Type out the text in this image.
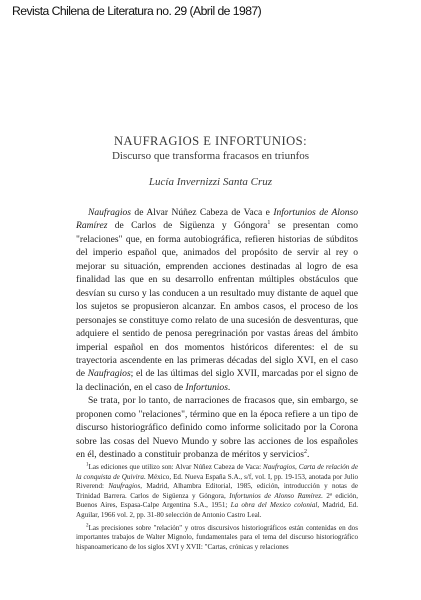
Revista Chilena de Literatura no. 29 (Abril de 1987)
NAUFRAGIOS E INFORTUNIOS:
Discurso que transforma fracasos en triunfos
Lucía Invernizzi Santa Cruz

Naufragios de Alvar Núñez Cabeza de Vaca e Infortunios de Alonso Ramírez de Carlos de Sigüenza y Góngora$^1$ se presentan como "relaciones" que, en forma autobiográfica, refieren historias de súbditos del imperio español que, animados del propósito de servir al rey o mejorar su situación, emprenden acciones destinadas al logro de esa finalidad las que en su desarrollo enfrentan múltiples obstáculos que desvían su curso y las conducen a un resultado muy distante de aquel que los sujetos se propusieron alcanzar. En ambos casos, el proceso de los personajes se constituye como relato de una sucesión de desventuras, que adquiere el sentido de penosa peregrinación por vastas áreas del ámbito imperial español en dos momentos históricos diferentes: el de su trayectoria ascendente en las primeras décadas del siglo XVI, en el caso de Naufragios; el de las últimas del siglo XVII, marcadas por el signo de la declinación, en el caso de Infortunios.

Se trata, por lo tanto, de narraciones de fracasos que, sin embargo, se proponen como "relaciones", término que en la época refiere a un tipo de discurso historiográfico definido como informe solicitado por la Corona sobre las cosas del Nuevo Mundo y sobre las acciones de los españoles en él, destinado a constituir probanza de méritos y servicios$^2$.

$^1$Las ediciones que utilizo son: Alvar Núñez Cabeza de Vaca: Naufragios, Carta de relación de la conquista de Quivira. México, Ed. Nueva España S.A., s/f, vol. I, pp. 19-153, anotada por Julio Riverend: Naufragios, Madrid, Alhambra Editorial, 1985, edición, introducción y notas de Trinidad Barrera. Carlos de Sigüenza y Góngora, Infortunios de Alonso Ramírez. 2ª edición, Buenos Aires, Espasa-Calpe Argentina S.A., 1951; La obra del Mexico colonial, Madrid, Ed. Aguilar, 1966 vol. 2, pp. 31-80 selección de Antonio Castro Leal.

$^2$Las precisiones sobre "relación" y otros discursivos historiográficos están contenidas en dos importantes trabajos de Walter Mignolo, fundamentales para el tema del discurso historiográfico hispanoamericano de los siglos XVI y XVII: "Cartas, crónicas y relaciones
